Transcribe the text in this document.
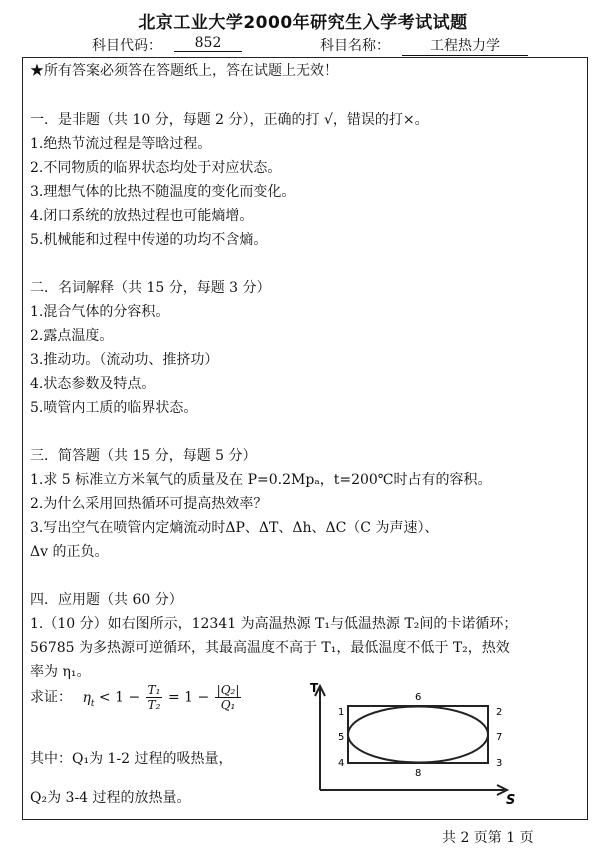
北京工业大学2000年研究生入学考试试题
科目代码：	852	科目名称：	工程热力学
★所有答案必须答在答题纸上，答在试题上无效！
一．是非题（共 10 分，每题 2 分），正确的打 √，错误的打×。
1.绝热节流过程是等晗过程。
2.不同物质的临界状态均处于对应状态。
3.理想气体的比热不随温度的变化而变化。
4.闭口系统的放热过程也可能熵增。
5.机械能和过程中传递的功均不含熵。
二．名词解释（共 15 分，每题 3 分）
1.混合气体的分容积。
2.露点温度。
3.推动功。（流动功、推挤功）
4.状态参数及特点。
5.喷管内工质的临界状态。
三．简答题（共 15 分，每题 5 分）
1.求 5 标准立方米氧气的质量及在 P=0.2Mpₐ，t=200℃时占有的容积。
2.为什么采用回热循环可提高热效率？
3.写出空气在喷管内定熵流动时ΔP、ΔT、Δh、ΔC（C 为声速）、
Δv 的正负。
四．应用题（共 60 分）
1.（10 分）如右图所示，12341 为高温热源 T₁与低温热源 T₂间的卡诺循环；
56785 为多热源可逆循环，其最高温度不高于 T₁，最低温度不低于 T₂，热效
率为 η₁。
求证： $\eta_t < 1 - \frac{\text{T₁}}{\text{T₂}} = 1 - \frac{\text{|Q₂|}}{\text{Q₁}}$
其中：Q₁为 1-2 过程的吸热量，
Q₂为 3-4 过程的放热量。
T
S
1	2
3
4
5
6
7
8
共 2 页第 1 页
